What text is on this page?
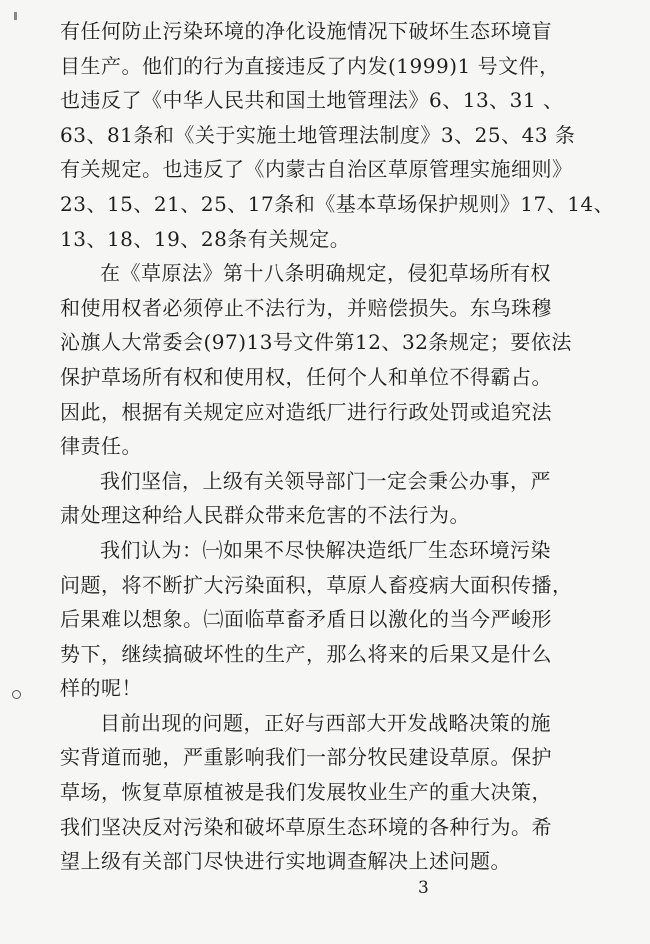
有任何防止污染环境的净化设施情况下破坏生态环境盲
目生产。他们的行为直接违反了内发(1999)1 号文件，
也违反了《中华人民共和国土地管理法》6、13、31 、
63、81条和《关于实施土地管理法制度》3、25、43 条
有关规定。也违反了《内蒙古自治区草原管理实施细则》
23、15、21、25、17条和《基本草场保护规则》17、14、
13、18、19、28条有关规定。

在《草原法》第十八条明确规定，侵犯草场所有权
和使用权者必须停止不法行为，并赔偿损失。东乌珠穆
沁旗人大常委会(97)13号文件第12、32条规定；要依法
保护草场所有权和使用权，任何个人和单位不得霸占。
因此，根据有关规定应对造纸厂进行行政处罚或追究法
律责任。

我们坚信，上级有关领导部门一定会秉公办事，严
肃处理这种给人民群众带来危害的不法行为。

我们认为：㈠如果不尽快解决造纸厂生态环境污染
问题，将不断扩大污染面积，草原人畜疫病大面积传播，
后果难以想象。㈡面临草畜矛盾日以激化的当今严峻形
势下，继续搞破坏性的生产，那么将来的后果又是什么
样的呢！

目前出现的问题，正好与西部大开发战略决策的施
实背道而驰，严重影响我们一部分牧民建设草原。保护
草场，恢复草原植被是我们发展牧业生产的重大决策，
我们坚决反对污染和破坏草原生态环境的各种行为。希
望上级有关部门尽快进行实地调查解决上述问题。

3
